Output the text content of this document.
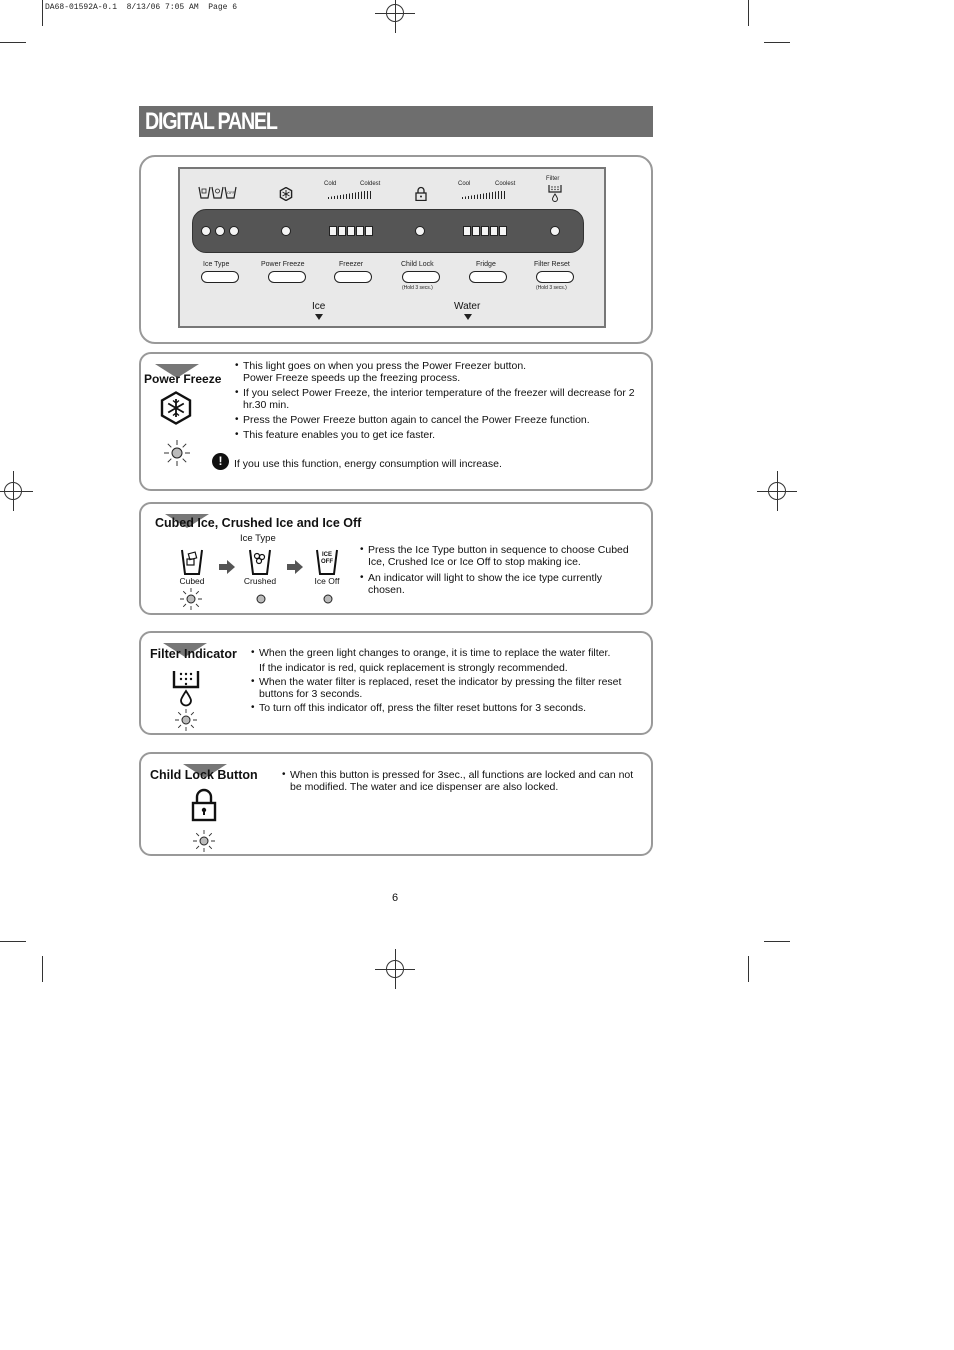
DA68-01592A-0.1  8/13/06 7:05 AM  Page 6
DIGITAL PANEL
OFF
Cold	Coldest	Cool	Coolest
Filter
Ice Type	Power Freeze	Freezer	Child Lock	Fridge	Filter Reset
(Hold 3 secs.)	(Hold 3 secs.)
Ice	Water
Power Freeze
• This light goes on when you press the Power Freezer button. Power Freeze speeds up the freezing process.
• If you select Power Freeze, the interior temperature of the freezer will decrease for 2 hr.30 min.
• Press the Power Freeze button again to cancel the Power Freeze function.
• This feature enables you to get ice faster.
!	If you use this function, energy consumption will increase.
Cubed Ice, Crushed Ice and Ice Off
Ice Type
ICE OFF
Cubed	Crushed	Ice Off
• Press the Ice Type button in sequence to choose Cubed Ice, Crushed Ice or Ice Off to stop making ice.
• An indicator will light to show the ice type currently chosen.
Filter Indicator • When the green light changes to orange, it is time to replace the water filter.
If the indicator is red, quick replacement is strongly recommended.
• When the water filter is replaced, reset the indicator by pressing the filter reset buttons for 3 seconds.
• To turn off this indicator off, press the filter reset buttons for 3 seconds.
Child Lock Button • When this button is pressed for 3sec., all functions are locked and can not be modified. The water and ice dispenser are also locked.
6
